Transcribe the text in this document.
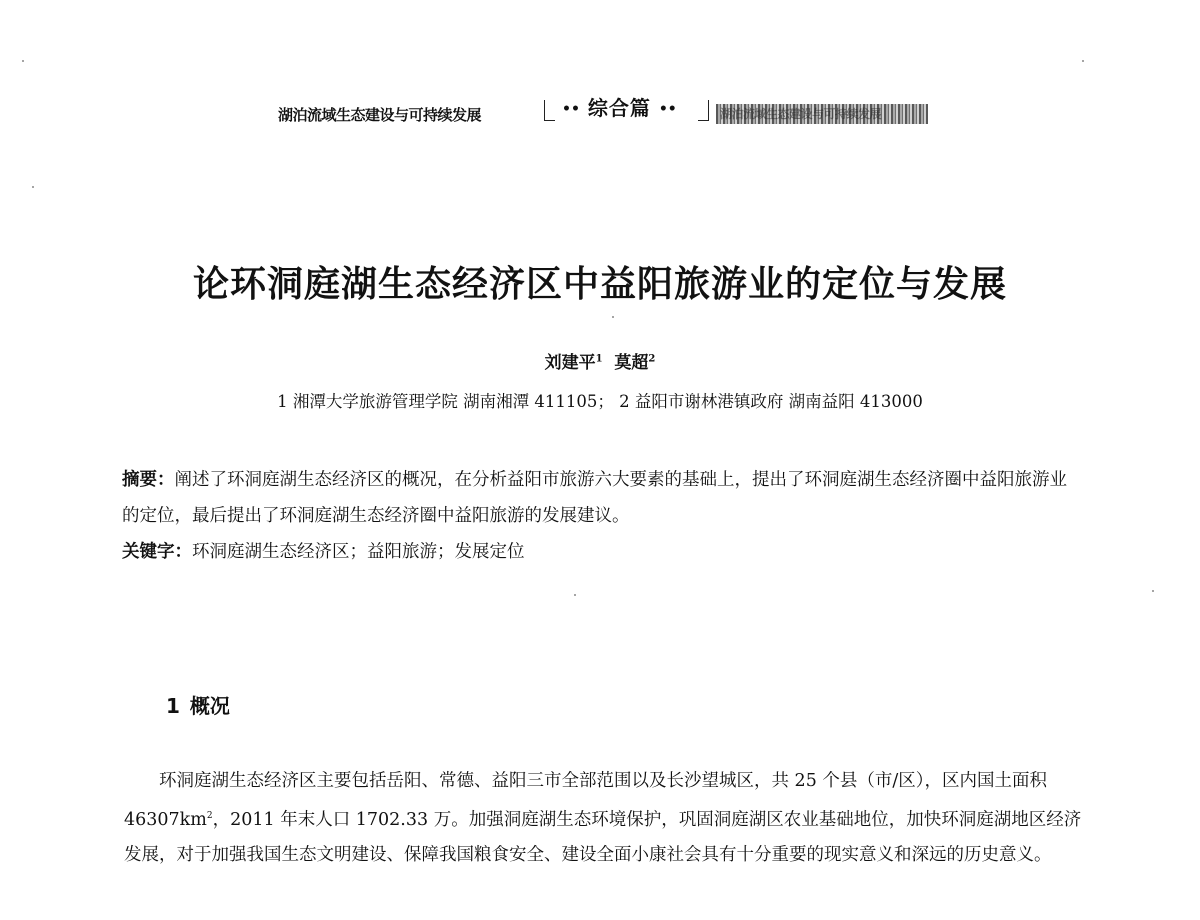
湖泊流域生态建设与可持续发展	•• 综合篇 ••	湖泊流域生态建设与可持续发展
论环洞庭湖生态经济区中益阳旅游业的定位与发展
刘建平$^1$ 莫超$^2$
1 湘潭大学旅游管理学院 湖南湘潭 411105； 2 益阳市谢林港镇政府 湖南益阳 413000
摘要：阐述了环洞庭湖生态经济区的概况，在分析益阳市旅游六大要素的基础上，提出了环洞庭湖生态经济圈中益阳旅游业的定位，最后提出了环洞庭湖生态经济圈中益阳旅游的发展建议。
关键字：环洞庭湖生态经济区；益阳旅游；发展定位
1 概况
环洞庭湖生态经济区主要包括岳阳、常德、益阳三市全部范围以及长沙望城区，共 25 个县（市/区），区内国土面积 $46307km^2$，2011 年末人口 1702.33 万。加强洞庭湖生态环境保护，巩固洞庭湖区农业基础地位，加快环洞庭湖地区经济发展，对于加强我国生态文明建设、保障我国粮食安全、建设全面小康社会具有十分重要的现实意义和深远的历史意义。
